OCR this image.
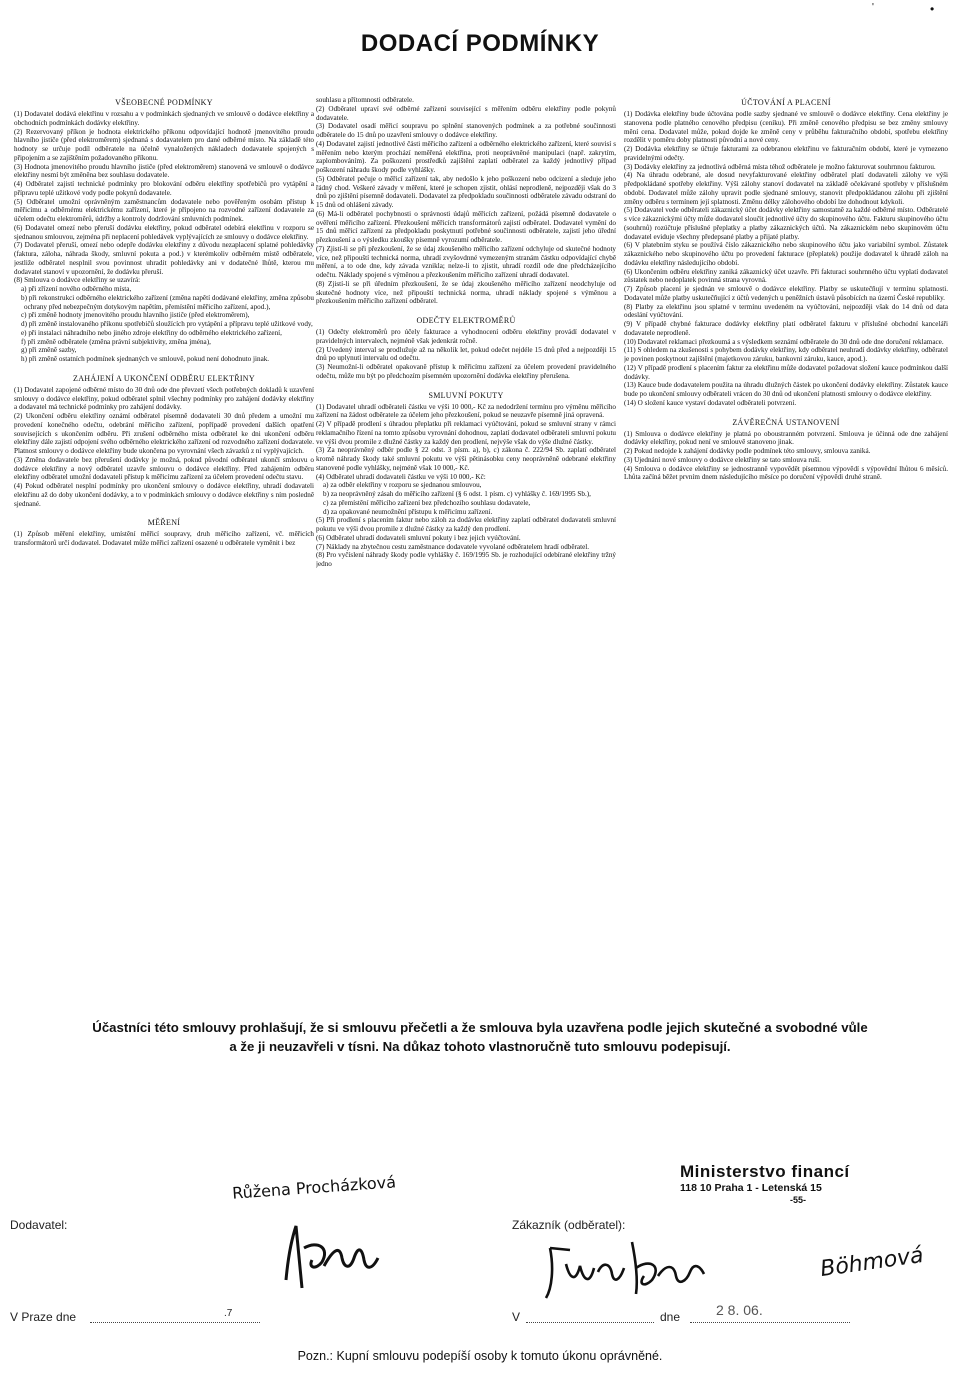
'	•
DODACÍ PODMÍNKY
VŠEOBECNÉ PODMÍNKY

(1) Dodavatel dodává elektřinu v rozsahu a v podmínkách sjednaných ve smlouvě o dodávce elektřiny a obchodních podmínkách dodávky elektřiny.

(2) Rezervovaný příkon je hodnota elektrického příkonu odpovídající hodnotě jmenovitého proudu hlavního jističe (před elektroměrem) sjednaná s dodavatelem pro dané odběrné místo. Na základě této hodnoty se určuje podíl odběratele na účelně vynaložených nákladech dodavatele spojených s připojením a se zajištěním požadovaného příkonu.

(3) Hodnota jmenovitého proudu hlavního jističe (před elektroměrem) stanovená ve smlouvě o dodávce elektřiny nesmí být změněna bez souhlasu dodavatele.

(4) Odběratel zajistí technické podmínky pro blokování odběru elektřiny spotřebičů pro vytápění a přípravu teplé užitkové vody podle pokynů dodavatele.

(5) Odběratel umožní oprávněným zaměstnancům dodavatele nebo pověřeným osobám přístup k měřicímu a odběrnému elektrickému zařízení, které je připojeno na rozvodné zařízení dodavatele za účelem odečtu elektroměrů, údržby a kontroly dodržování smluvních podmínek.

(6) Dodavatel omezí nebo přeruší dodávku elektřiny, pokud odběratel odebírá elektřinu v rozporu se sjednanou smlouvou, zejména při neplacení pohledávek vyplývajících ze smlouvy o dodávce elektřiny.

(7) Dodavatel přeruší, omezí nebo odepře dodávku elektřiny z důvodu nezaplacení splatné pohledávky (faktura, záloha, náhrada škody, smluvní pokuta a pod.) v kterémkoliv odběrném místě odběratele, jestliže odběratel nesplnil svou povinnost uhradit pohledávky ani v dodatečné lhůtě, kterou mu dodavatel stanoví v upozornění, že dodávku přeruší.

(8) Smlouva o dodávce elektřiny se uzavírá:

a) při zřízení nového odběrného místa,

b) při rekonstrukci odběrného elektrického zařízení (změna napětí dodávané elektřiny, změna způsobu ochrany před nebezpečným dotykovým napětím, přemístění měřicího zařízení, apod.),

c) při změně hodnoty jmenovitého proudu hlavního jističe (před elektroměrem),

d) při změně instalovaného příkonu spotřebičů sloužících pro vytápění a přípravu teplé užitkové vody,

e) při instalaci náhradního nebo jiného zdroje elektřiny do odběrného elektrického zařízení,

f) při změně odběratele (změna právní subjektivity, změna jména),

g) při změně sazby,

h) při změně ostatních podmínek sjednaných ve smlouvě, pokud není dohodnuto jinak.

ZAHÁJENÍ A UKONČENÍ ODBĚRU ELEKTŘINY

(1) Dodavatel zapojené odběrné místo do 30 dnů ode dne převzetí všech potřebných dokladů k uzavření smlouvy o dodávce elektřiny, pokud odběratel splnil všechny podmínky pro zahájení dodávky elektřiny a dodavatel má technické podmínky pro zahájení dodávky.

(2) Ukončení odběru elektřiny oznámí odběratel písemně dodavateli 30 dnů předem a umožní mu provedení konečného odečtu, odebrání měřicího zařízení, popřípadě provedení dalších opatření souvisejících s ukončením odběru. Při zrušení odběrného místa odběratel ke dni ukončení odběru elektřiny dále zajistí odpojení svého odběrného elektrického zařízení od rozvodného zařízení dodavatele. Platnost smlouvy o dodávce elektřiny bude ukončena po vyrovnání všech závazků z ní vyplývajících.

(3) Změna dodavatele bez přerušení dodávky je možná, pokud původní odběratel ukončí smlouvu o dodávce elektřiny a nový odběratel uzavře smlouvu o dodávce elektřiny. Před zahájením odběru elektřiny odběratel umožní dodavateli přístup k měřicímu zařízení za účelem provedení odečtu stavu.

(4) Pokud odběratel nesplní podmínky pro ukončení smlouvy o dodávce elektřiny, uhradí dodavateli elektřinu až do doby ukončení dodávky, a to v podmínkách smlouvy o dodávce elektřiny s ním posledně sjednané.

MĚŘENÍ

(1) Způsob měření elektřiny, umístění měřicí soupravy, druh měřicího zařízení, vč. měřicích transformátorů určí dodavatel. Dodavatel může měřicí zařízení osazené u odběratele vyměnit i bez

souhlasu a přítomnosti odběratele.

(2) Odběratel upraví své odběrné zařízení související s měřením odběru elektřiny podle pokynů dodavatele.

(3) Dodavatel osadí měřicí soupravu po splnění stanovených podmínek a za potřebné součinnosti odběratele do 15 dnů po uzavření smlouvy o dodávce elektřiny.

(4) Dodavatel zajistí jednotlivé části měřicího zařízení a odběrného elektrického zařízení, které souvisí s měřením nebo kterým prochází neměřená elektřina, proti neoprávněné manipulaci (např. zakrytím, zaplombováním). Za poškození prostředků zajištění zaplatí odběratel za každý jednotlivý případ poškození náhradu škody podle vyhlášky.

(5) Odběratel pečuje o měřicí zařízení tak, aby nedošlo k jeho poškození nebo odcizení a sleduje jeho řádný chod. Veškeré závady v měření, které je schopen zjistit, ohlásí neprodleně, nejpozději však do 3 dnů po zjištění písemně dodavateli. Dodavatel za předpokladu součinnosti odběratele závadu odstraní do 15 dnů od ohlášení závady.

(6) Má-li odběratel pochybnosti o správnosti údajů měřicích zařízení, požádá písemně dodavatele o ověření měřicího zařízení. Přezkoušení měřicích transformátorů zajistí odběratel. Dodavatel vymění do 15 dnů měřicí zařízení za předpokladu poskytnutí potřebné součinnosti odběratele, zajistí jeho úřední přezkoušení a o výsledku zkoušky písemně vyrozumí odběratele.

(7) Zjistí-li se při přezkoušení, že se údaj zkoušeného měřicího zařízení odchyluje od skutečné hodnoty více, než připouští technická norma, uhradí zvyšovdnné vymezeným stranám částku odpovídající chybě měření, a to ode dne, kdy závada vznikla; nelze-li to zjistit, uhradí rozdíl ode dne předcházejícího odečtu. Náklady spojené s výměnou a přezkoušením měřicího zařízení uhradí dodavatel.

(8) Zjistí-li se při úředním přezkoušení, že se údaj zkoušeného měřicího zařízení neodchyluje od skutečné hodnoty více, než připouští technická norma, uhradí náklady spojené s výměnou a přezkoušením měřicího zařízení odběratel.

ODEČTY ELEKTROMĚRŮ

(1) Odečty elektroměrů pro účely fakturace a vyhodnocení odběru elektřiny provádí dodavatel v pravidelných intervalech, nejméně však jedenkrát ročně.

(2) Uvedený interval se prodlužuje až na několik let, pokud odečet nejdéle 15 dnů před a nejpozději 15 dnů po uplynutí intervalu od odečtu.

(3) Neumožní-li odběratel opakovaně přístup k měřicímu zařízení za účelem provedení pravidelného odečtu, může mu být po předchozím písemném upozornění dodávka elektřiny přerušena.

SMLUVNÍ POKUTY

(1) Dodavatel uhradí odběrateli částku ve výši 10 000,- Kč za nedodržení termínu pro výměnu měřicího zařízení na žádost odběratele za účelem jeho přezkoušení, pokud se neuzavře písemně jiná opravená.

(2) V případě prodlení s úhradou přeplatku při reklamaci vyúčtování, pokud se smluvní strany v rámci reklamačního řízení na tomto způsobu vyrovnání dohodnou, zaplatí dodavatel odběrateli smluvní pokutu ve výši dvou promile z dlužné částky za každý den prodlení, nejvýše však do výše dlužné částky.

(3) Za neoprávněný odběr podle § 22 odst. 3 písm. a), b), c) zákona č. 222/94 Sb. zaplatí odběratel kromě náhrady škody také smluvní pokutu ve výši pětinásobku ceny neoprávněně odebrané elektřiny stanovené podle vyhlášky, nejméně však 10 000,- Kč.

(4) Odběratel uhradí dodavateli částku ve výši 10 000,- Kč:

a) za odběr elektřiny v rozporu se sjednanou smlouvou,

b) za neoprávněný zásah do měřicího zařízení (§ 6 odst. 1 písm. c) vyhlášky č. 169/1995 Sb.),

c) za přemístění měřicího zařízení bez předchozího souhlasu dodavatele,

d) za opakované neumožnění přístupu k měřicímu zařízení.

(5) Při prodlení s placením faktur nebo záloh za dodávku elektřiny zaplatí odběratel dodavateli smluvní pokutu ve výši dvou promile z dlužné částky za každý den prodlení.

(6) Odběratel uhradí dodavateli smluvní pokuty i bez jejich vyúčtování.

(7) Náklady na zbytečnou cestu zaměstnance dodavatele vyvolané odběratelem hradí odběratel.

(8) Pro vyčíslení náhrady škody podle vyhlášky č. 169/1995 Sb. je rozhodující odebírané elektřiny tržný jedno

ÚČTOVÁNÍ A PLACENÍ

(1) Dodávka elektřiny bude účtována podle sazby sjednané ve smlouvě o dodávce elektřiny. Cena elektřiny je stanovena podle platného cenového předpisu (ceníku). Při změně cenového předpisu se bez změny smlouvy mění cena. Dodavatel může, pokud dojde ke změně ceny v průběhu fakturačního období, spotřebu elektřiny rozdělit v poměru doby platnosti původní a nové ceny.

(2) Dodávka elektřiny se účtuje fakturami za odebranou elektřinu ve fakturačním období, které je vymezeno pravidelnými odečty.

(3) Dodávky elektřiny za jednotlivá odběrná místa téhož odběratele je možno fakturovat souhrnnou fakturou.

(4) Na úhradu odebrané, ale dosud nevyfakturované elektřiny odběratel platí dodavateli zálohy ve výši předpokládané spotřeby elektřiny. Výši zálohy stanoví dodavatel na základě očekávané spotřeby v příslušném období. Dodavatel může zálohy upravit podle sjednané smlouvy, stanovit předpokládanou zálohu při zjištění změny odběru s termínem její splatnosti. Změnu délky zálohového období lze dohodnout kdykoli.

(5) Dodavatel vede odběrateli zákaznický účet dodávky elektřiny samostatně za každé odběrné místo. Odběratelé s více zákaznickými účty může dodavatel sloučit jednotlivé účty do skupinového účtu. Fakturu skupinového účtu (souhrnů) rozúčtuje příslušné přeplatky a platby zákaznických účtů. Na zákaznickém nebo skupinovém účtu dodavatel eviduje všechny předepsané platby a přijaté platby.

(6) V platebním styku se používá číslo zákaznického nebo skupinového účtu jako variabilní symbol. Zůstatek zákaznického nebo skupinového účtu po provedení fakturace (přeplatek) použije dodavatel k úhradě záloh na dodávku elektřiny následujícího období.

(6) Ukončením odběru elektřiny zaniká zákaznický účet uzavře. Při fakturaci souhrnného účtu vyplatí dodavatel zůstatek nebo nedoplatek povinná strana vyrovná.

(7) Způsob placení je sjednán ve smlouvě o dodávce elektřiny. Platby se uskutečňují v termínu splatnosti. Dodavatel může platby uskutečňující z účtů vedených u peněžních ústavů působících na území České republiky.

(8) Platby za elektřinu jsou splatné v termínu uvedeném na vyúčtování, nejpozději však do 14 dnů od data odeslání vyúčtování.

(9) V případě chybné fakturace dodávky elektřiny platí odběratel fakturu v příslušné obchodní kanceláři dodavatele neprodleně.

(10) Dodavatel reklamaci přezkoumá a s výsledkem seznámí odběratele do 30 dnů ode dne doručení reklamace.

(11) S ohledem na zkušenosti s pohybem dodávky elektřiny, kdy odběratel neuhradí dodávky elektřiny, odběratel je povinen poskytnout zajištění (majetkovou záruku, bankovní záruku, kauce, apod.).

(12) V případě prodlení s placením faktur za elektřinu může dodavatel požadovat složení kauce podmínkou další dodávky.

(13) Kauce bude dodavatelem použita na úhradu dlužných částek po ukončení dodávky elektřiny. Zůstatek kauce bude po ukončení smlouvy odběrateli vrácen do 30 dnů od ukončení platnosti smlouvy o dodávce elektřiny.

(14) O složení kauce vystaví dodavatel odběrateli potvrzení.

ZÁVĚREČNÁ USTANOVENÍ

(1) Smlouva o dodávce elektřiny je platná po oboustranném potvrzení. Smlouva je účinná ode dne zahájení dodávky elektřiny, pokud není ve smlouvě stanoveno jinak.

(2) Pokud nedojde k zahájení dodávky podle podmínek této smlouvy, smlouva zaniká.

(3) Ujednání nové smlouvy o dodávce elektřiny se tato smlouva ruší.

(4) Smlouva o dodávce elektřiny se jednostranně vypovědět písemnou výpovědí s výpovědní lhůtou 6 měsíců. Lhůta začíná běžet prvním dnem následujícího měsíce po doručení výpovědi druhé straně.

Účastníci této smlouvy prohlašují, že si smlouvu přečetli a že smlouva byla uzavřena podle jejich skutečné a svobodné vůle
a že ji neuzavřeli v tísni. Na důkaz tohoto vlastnoručně tuto smlouvu podepisují.
Růžena Procházková
Dodavatel:
Ministerstvo financí
118 10 Praha 1 - Letenská 15
-55-
Zákazník (odběratel):
Böhmová
V Praze dne	.7	V	dne	2 8. 06.
Pozn.: Kupní smlouvu podepíší osoby k tomuto úkonu oprávněné.
